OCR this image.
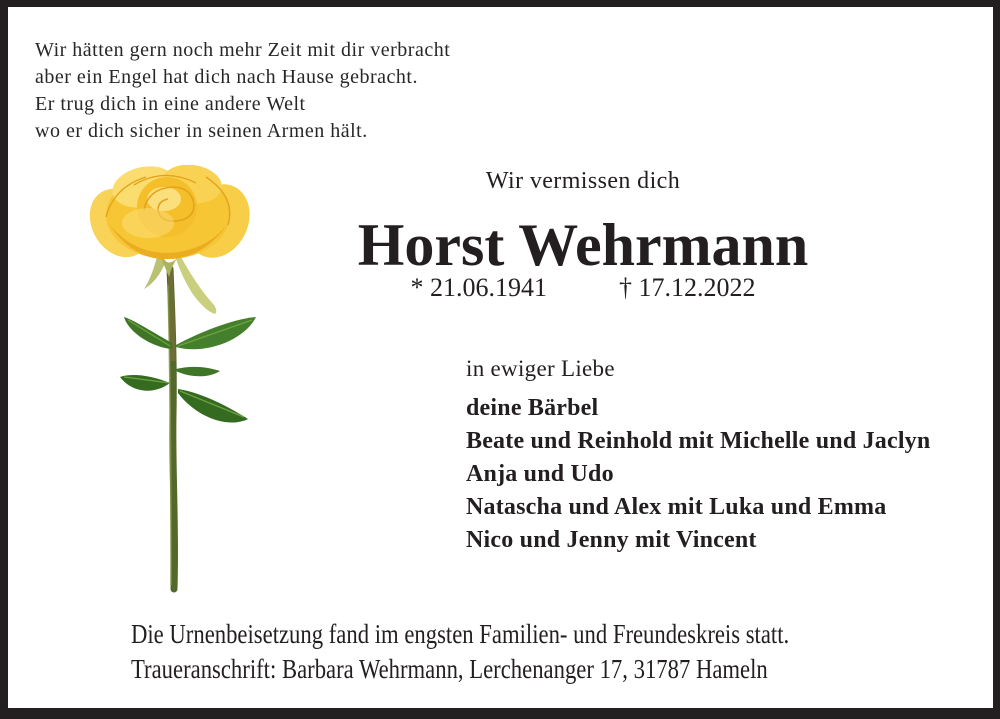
Wir hätten gern noch mehr Zeit mit dir verbracht
aber ein Engel hat dich nach Hause gebracht.
Er trug dich in eine andere Welt
wo er dich sicher in seinen Armen hält.
Wir vermissen dich
Horst Wehrmann
* 21.06.1941	† 17.12.2022
in ewiger Liebe
deine Bärbel
Beate und Reinhold mit Michelle und Jaclyn
Anja und Udo
Natascha und Alex mit Luka und Emma
Nico und Jenny mit Vincent
Die Urnenbeisetzung fand im engsten Familien- und Freundeskreis statt.
Traueranschrift: Barbara Wehrmann, Lerchenanger 17, 31787 Hameln
